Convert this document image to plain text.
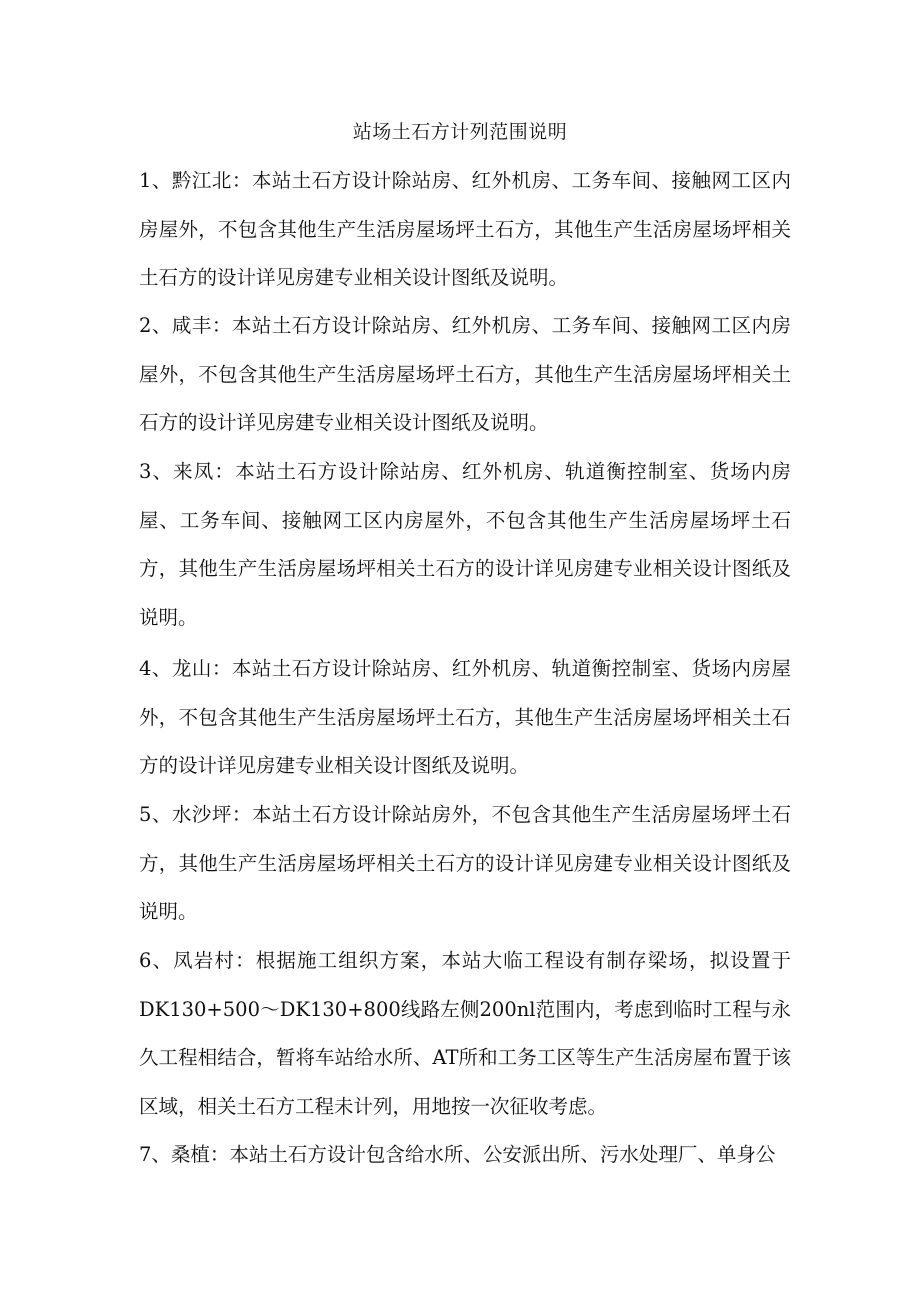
站场土石方计列范围说明

1、黔江北：本站土石方设计除站房、红外机房、工务车间、接触网工区内房屋外，不包含其他生产生活房屋场坪土石方，其他生产生活房屋场坪相关土石方的设计详见房建专业相关设计图纸及说明。

2、咸丰：本站土石方设计除站房、红外机房、工务车间、接触网工区内房屋外，不包含其他生产生活房屋场坪土石方，其他生产生活房屋场坪相关土石方的设计详见房建专业相关设计图纸及说明。

3、来凤：本站土石方设计除站房、红外机房、轨道衡控制室、货场内房屋、工务车间、接触网工区内房屋外，不包含其他生产生活房屋场坪土石方，其他生产生活房屋场坪相关土石方的设计详见房建专业相关设计图纸及说明。

4、龙山：本站土石方设计除站房、红外机房、轨道衡控制室、货场内房屋外，不包含其他生产生活房屋场坪土石方，其他生产生活房屋场坪相关土石方的设计详见房建专业相关设计图纸及说明。

5、水沙坪：本站土石方设计除站房外，不包含其他生产生活房屋场坪土石方，其他生产生活房屋场坪相关土石方的设计详见房建专业相关设计图纸及说明。

6、凤岩村：根据施工组织方案，本站大临工程设有制存梁场，拟设置于DK130+500～DK130+800线路左侧200nl范围内，考虑到临时工程与永久工程相结合，暂将车站给水所、AT所和工务工区等生产生活房屋布置于该区域，相关土石方工程未计列，用地按一次征收考虑。

7、桑植：本站土石方设计包含给水所、公安派出所、污水处理厂、单身公
